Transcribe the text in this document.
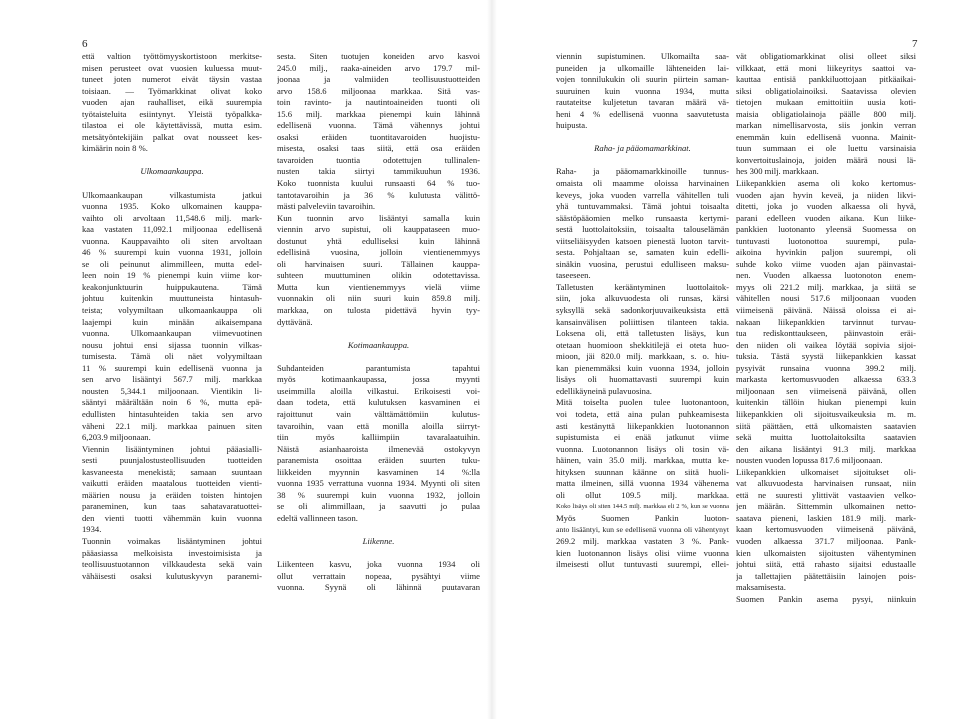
6	7
että valtion työttömyyskortistoon merkitse-
misen perusteet ovat vuosien kuluessa muut-
tuneet joten numerot eivät täysin vastaa
toisiaan. — Työmarkkinat olivat koko
vuoden ajan rauhalliset, eikä suurempia
työtaisteluita esiintynyt. Yleistä työpalkka-
tilastoa ei ole käytettävissä, mutta esim.
metsätyöntekijäin palkat ovat nousseet kes-
kimäärin noin 8 %.
Ulkomaankauppa.
Ulkomaankaupan vilkastumista jatkui
vuonna 1935. Koko ulkomainen kauppa-
vaihto oli arvoltaan 11,548.6 milj. mark-
kaa vastaten 11,092.1 miljoonaa edellisenä
vuonna. Kauppavaihto oli siten arvoltaan
46 % suurempi kuin vuonna 1931, jolloin
se oli peinunut alimmilleen, mutta edel-
leen noin 19 % pienempi kuin viime kor-
keakonjunktuurin huippukautena. Tämä
johtuu kuitenkin muuttuneista hintasuh-
teista; volyymiltaan ulkomaankauppa oli
laajempi kuin minään aikaisempana
vuonna. Ulkomaankaupan viimevuotinen
nousu johtui ensi sijassa tuonnin vilkas-
tumisesta. Tämä oli näet volyymiltaan
11 % suurempi kuin edellisenä vuonna ja
sen arvo lisääntyi 567.7 milj. markkaa
nousten 5,344.1 miljoonaan. Vientikin li-
sääntyi määrältään noin 6 %, mutta epä-
edullisten hintasuhteiden takia sen arvo
väheni 22.1 milj. markkaa painuen siten
6,203.9 miljoonaan.
Viennin lisääntyminen johtui pääasialli-
sesti puunjalostusteollisuuden tuotteiden
kasvaneesta menekistä; samaan suuntaan
vaikutti eräiden maatalous tuotteiden vienti-
määrien nousu ja eräiden toisten hintojen
paraneminen, kun taas sahatavaratuottei-
den vienti tuotti vähemmän kuin vuonna
1934.
Tuonnin voimakas lisääntyminen johtui
pääasiassa melkoisista investoimisista ja
teollisuustuotannon vilkkaudesta sekä vain
vähäisesti osaksi kulutuskyvyn paranemi-
sesta. Siten tuotujen koneiden arvo kasvoi
245.0 milj., raaka-aineiden arvo 179.7 mil-
joonaa ja valmiiden teollisuustuotteiden
arvo 158.6 miljoonaa markkaa. Sitä vas-
toin ravinto- ja nautintoaineiden tuonti oli
15.6 milj. markkaa pienempi kuin lähinnä
edellisenä vuonna. Tämä vähennys johtui
osaksi eräiden tuontitavaroiden huojistu-
misesta, osaksi taas siitä, että osa eräiden
tavaroiden tuontia odotettujen tullinalen-
nusten takia siirtyi tammikuuhun 1936.
Koko tuonnista kuului runsaasti 64 % tuo-
tantotavaroihin ja 36 % kulutusta välittö-
mästi palveleviin tavaroihin.
Kun tuonnin arvo lisääntyi samalla kuin
viennin arvo supistui, oli kauppataseen muo-
dostunut yhtä edulliseksi kuin lähinnä
edellisinä vuosina, jolloin vientienemmyys
oli harvinaisen suuri. Tällainen kauppa-
suhteen muuttuminen olikin odotettavissa.
Mutta kun vientienemmyys vielä viime
vuonnakin oli niin suuri kuin 859.8 milj.
markkaa, on tulosta pidettävä hyvin tyy-
dyttävänä.
Kotimaankauppa.
Suhdanteiden parantumista tapahtui
myös kotimaankaupassa, jossa myynti
useimmilla aloilla vilkastui. Erikoisesti voi-
daan todeta, että kulutuksen kasvaminen ei
rajoittunut vain välttämättömiin kulutus-
tavaroihin, vaan että monilla aloilla siirryt-
tiin myös kalliimpiin tavaralaatuihin.
Näistä asianhaaroista ilmenevää ostokyvyn
paranemista osoittaa eräiden suurten tuku-
liikkeiden myynnin kasvaminen 14 %:lla
vuonna 1935 verrattuna vuonna 1934. Myynti oli siten
38 % suurempi kuin vuonna 1932, jolloin
se oli alimmillaan, ja saavutti jo pulaa
edeltä vallinneen tason.
Liikenne.
Liikenteen kasvu, joka vuonna 1934 oli
ollut verrattain nopeaa, pysähtyi viime
vuonna. Syynä oli lähinnä puutavaran
viennin supistuminen. Ulkomailta saa-
puneiden ja ulkomaille lähteneiden lai-
vojen tonnilukukin oli suurin piirtein saman-
suuruinen kuin vuonna 1934, mutta
rautateitse kuljetetun tavaran määrä vä-
heni 4 % edellisenä vuonna saavutetusta
huipusta.
Raha- ja pääomamarkkinat.
Raha- ja pääomamarkkinoille tunnus-
omaista oli maamme oloissa harvinainen
keveys, joka vuoden varrella vähitellen tuli
yhä tuntuvammaksi. Tämä johtui toisaalta
säästöpääomien melko runsaasta kertymi-
sestä luottolaitoksiin, toisaalta talouselämän
viitseliäisyyden katsoen pienestä luoton tarvit-
sesta. Pohjaltaan se, samaten kuin edelli-
sinäkin vuosina, perustui edulliseen maksu-
taseeseen.
Talletusten kerääntyminen luottolaitok-
siin, joka alkuvuodesta oli runsas, kärsi
syksyllä sekä sadonkorjuuvaikeuksista että
kansainvälisen poliittisen tilanteen takia.
Loksena oli, että talletusten lisäys, kun
otetaan huomioon shekkitilejä ei oteta huo-
mioon, jäi 820.0 milj. markkaan, s. o. hiu-
kan pienemmäksi kuin vuonna 1934, jolloin
lisäys oli huomattavasti suurempi kuin
edellikäyneinä pulavuosina.
Mitä toiselta puolen tulee luotonantoon,
voi todeta, että aina pulan puhkeamisesta
asti kestänyttä liikepankkien luotonannon
supistumista ei enää jatkunut viime
vuonna. Luotonannon lisäys oli tosin vä-
häinen, vain 35.0 milj. markkaa, mutta ke-
hityksen suunnan käänne on siitä huoli-
matta ilmeinen, sillä vuonna 1934 vähenema
oli ollut 109.5 milj. markkaa.
Koko lisäys oli siten 144.5 milj. markkaa eli 2 %, kun se vuonna
Myös Suomen Pankin luoton-
anto lisääntyi, kun se edellisenä vuonna oli vähentynyt
269.2 milj. markkaa vastaten 3 %. Pank-
kien luotonannon lisäys olisi viime vuonna
ilmeisesti ollut tuntuvasti suurempi, ellei-
vät obligatiomarkkinat olisi olleet siksi
vilkkaat, että moni liikeyritys saattoi va-
kauttaa entisiä pankkiluottojaan pitkäaikai-
siksi obligatiolainoiksi. Saatavissa olevien
tietojen mukaan emittoitiin uusia koti-
maisia obligatiolainoja päälle 800 milj.
markan nimellisarvosta, siis jonkin verran
enemmän kuin edellisenä vuonna. Mainit-
tuun summaan ei ole luettu varsinaisia
konvertoituslainoja, joiden määrä nousi lä-
hes 300 milj. markkaan.
Liikepankkien asema oli koko kertomus-
vuoden ajan hyvin keveä, ja niiden likvi-
ditetti, joka jo vuoden alkaessa oli hyvä,
parani edelleen vuoden aikana. Kun liike-
pankkien luotonanto yleensä Suomessa on
tuntuvasti luotonottoa suurempi, pula-
aikoina hyvinkin paljon suurempi, oli
suhde koko viime vuoden ajan päinvastai-
nen. Vuoden alkaessa luotonoton enem-
myys oli 221.2 milj. markkaa, ja siitä se
vähitellen nousi 517.6 miljoonaan vuoden
viimeisenä päivänä. Näissä oloissa ei ai-
nakaan liikepankkien tarvinnut turvau-
tua rediskonttaukseen, päinvastoin eräi-
den niiden oli vaikea löytää sopivia sijoi-
tuksia. Tästä syystä liikepankkien kassat
pysyivät runsaina vuonna 399.2 milj.
markasta kertomusvuoden alkaessa 633.3
miljoonaan sen viimeisenä päivänä, ollen
kuitenkin tällöin hiukan pienempi kuin
liikepankkien oli sijoitusvaikeuksia m. m.
siitä päättäen, että ulkomaisten saatavien
sekä muitta luottolaitoksilta saatavien
den aikana lisääntyi 91.3 milj. markkaa
nousten vuoden lopussa 817.6 miljoonaan.
Liikepankkien ulkomaiset sijoitukset oli-
vat alkuvuodesta harvinaisen runsaat, niin
että ne suuresti ylittivät vastaavien velko-
jen määrän. Sittemmin ulkomainen netto-
saatava pieneni, laskien 181.9 milj. mark-
kaan kertomusvuoden viimeisenä päivänä,
vuoden alkaessa 371.7 miljoonaa. Pank-
kien ulkomaisten sijoitusten vähentyminen
johtui siitä, että rahasto sijaitsi edustaalle
ja tallettajien päätettäisiin lainojen pois-
maksamisesta.
Suomen Pankin asema pysyi, niinkuin
